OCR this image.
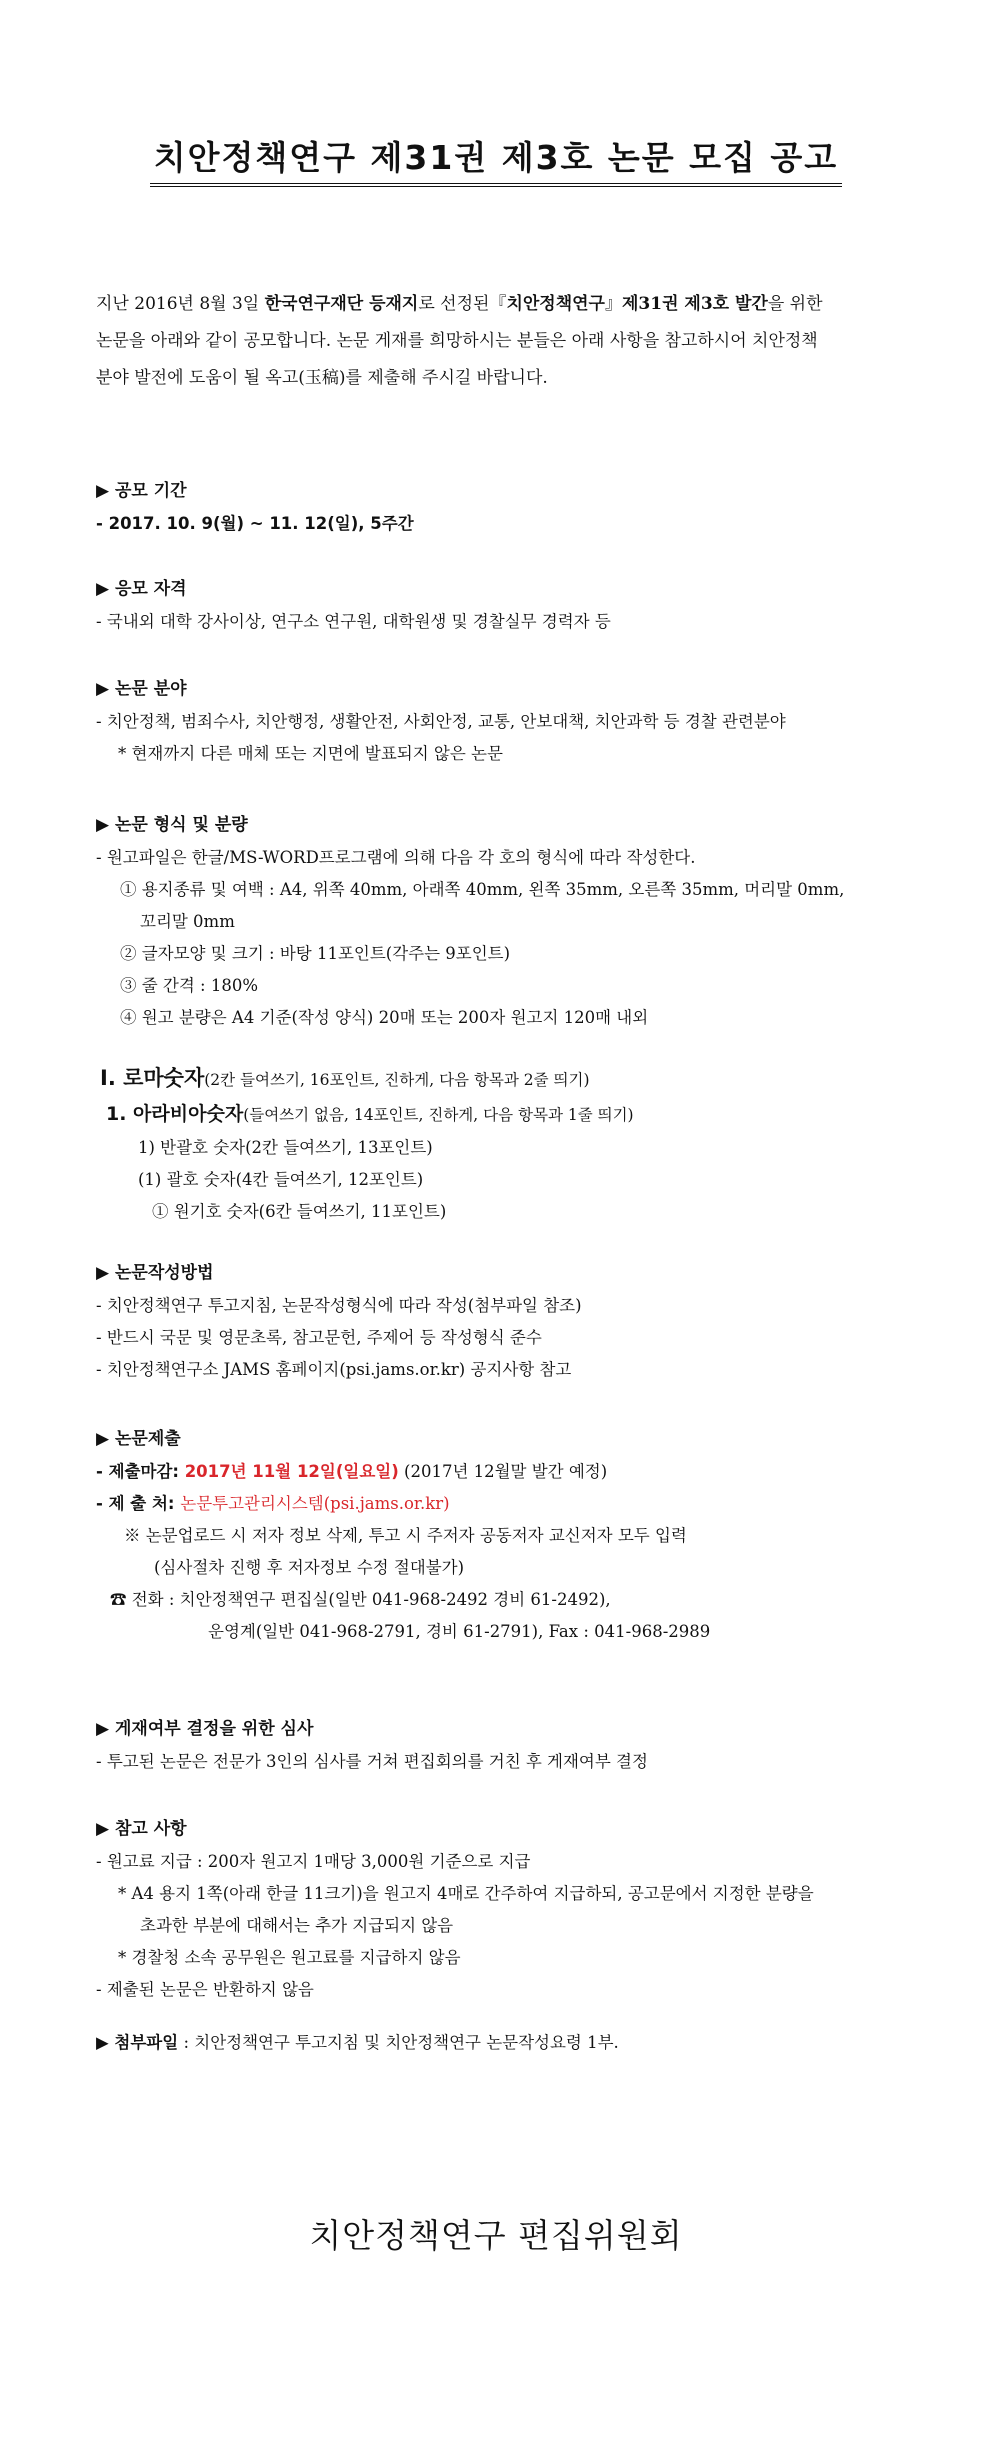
치안정책연구 제31권 제3호 논문 모집 공고
지난 2016년 8월 3일 한국연구재단 등재지로 선정된『치안정책연구』제31권 제3호 발간을 위한
논문을 아래와 같이 공모합니다. 논문 게재를 희망하시는 분들은 아래 사항을 참고하시어 치안정책
분야 발전에 도움이 될 옥고(玉稿)를 제출해 주시길 바랍니다.
▶ 공모 기간
- 2017. 10. 9(월) ~ 11. 12(일), 5주간
▶ 응모 자격
- 국내외 대학 강사이상, 연구소 연구원, 대학원생 및 경찰실무 경력자 등
▶ 논문 분야
- 치안정책, 범죄수사, 치안행정, 생활안전, 사회안정, 교통, 안보대책, 치안과학 등 경찰 관련분야
* 현재까지 다른 매체 또는 지면에 발표되지 않은 논문
▶ 논문 형식 및 분량
- 원고파일은 한글/MS-WORD프로그램에 의해 다음 각 호의 형식에 따라 작성한다.
① 용지종류 및 여백 : A4, 위쪽 40mm, 아래쪽 40mm, 왼쪽 35mm, 오른쪽 35mm, 머리말 0mm,
꼬리말 0mm
② 글자모양 및 크기 : 바탕 11포인트(각주는 9포인트)
③ 줄 간격 : 180%
④ 원고 분량은 A4 기준(작성 양식) 20매 또는 200자 원고지 120매 내외
Ⅰ. 로마숫자(2칸 들여쓰기, 16포인트, 진하게, 다음 항목과 2줄 띄기)
1. 아라비아숫자(들여쓰기 없음, 14포인트, 진하게, 다음 항목과 1줄 띄기)
1) 반괄호 숫자(2칸 들여쓰기, 13포인트)
(1) 괄호 숫자(4칸 들여쓰기, 12포인트)
① 원기호 숫자(6칸 들여쓰기, 11포인트)
▶ 논문작성방법
- 치안정책연구 투고지침, 논문작성형식에 따라 작성(첨부파일 참조)
- 반드시 국문 및 영문초록, 참고문헌, 주제어 등 작성형식 준수
- 치안정책연구소 JAMS 홈페이지(psi.jams.or.kr) 공지사항 참고
▶ 논문제출
- 제출마감: 2017년 11월 12일(일요일) (2017년 12월말 발간 예정)
- 제 출 처: 논문투고관리시스템(psi.jams.or.kr)
※ 논문업로드 시 저자 정보 삭제, 투고 시 주저자 공동저자 교신저자 모두 입력
(심사절차 진행 후 저자정보 수정 절대불가)
☎ 전화 : 치안정책연구 편집실(일반 041-968-2492 경비 61-2492),
운영계(일반 041-968-2791, 경비 61-2791), Fax : 041-968-2989
▶ 게재여부 결정을 위한 심사
- 투고된 논문은 전문가 3인의 심사를 거쳐 편집회의를 거친 후 게재여부 결정
▶ 참고 사항
- 원고료 지급 : 200자 원고지 1매당 3,000원 기준으로 지급
* A4 용지 1쪽(아래 한글 11크기)을 원고지 4매로 간주하여 지급하되, 공고문에서 지정한 분량을
초과한 부분에 대해서는 추가 지급되지 않음
* 경찰청 소속 공무원은 원고료를 지급하지 않음
- 제출된 논문은 반환하지 않음
▶ 첨부파일 : 치안정책연구 투고지침 및 치안정책연구 논문작성요령 1부.
치안정책연구 편집위원회
